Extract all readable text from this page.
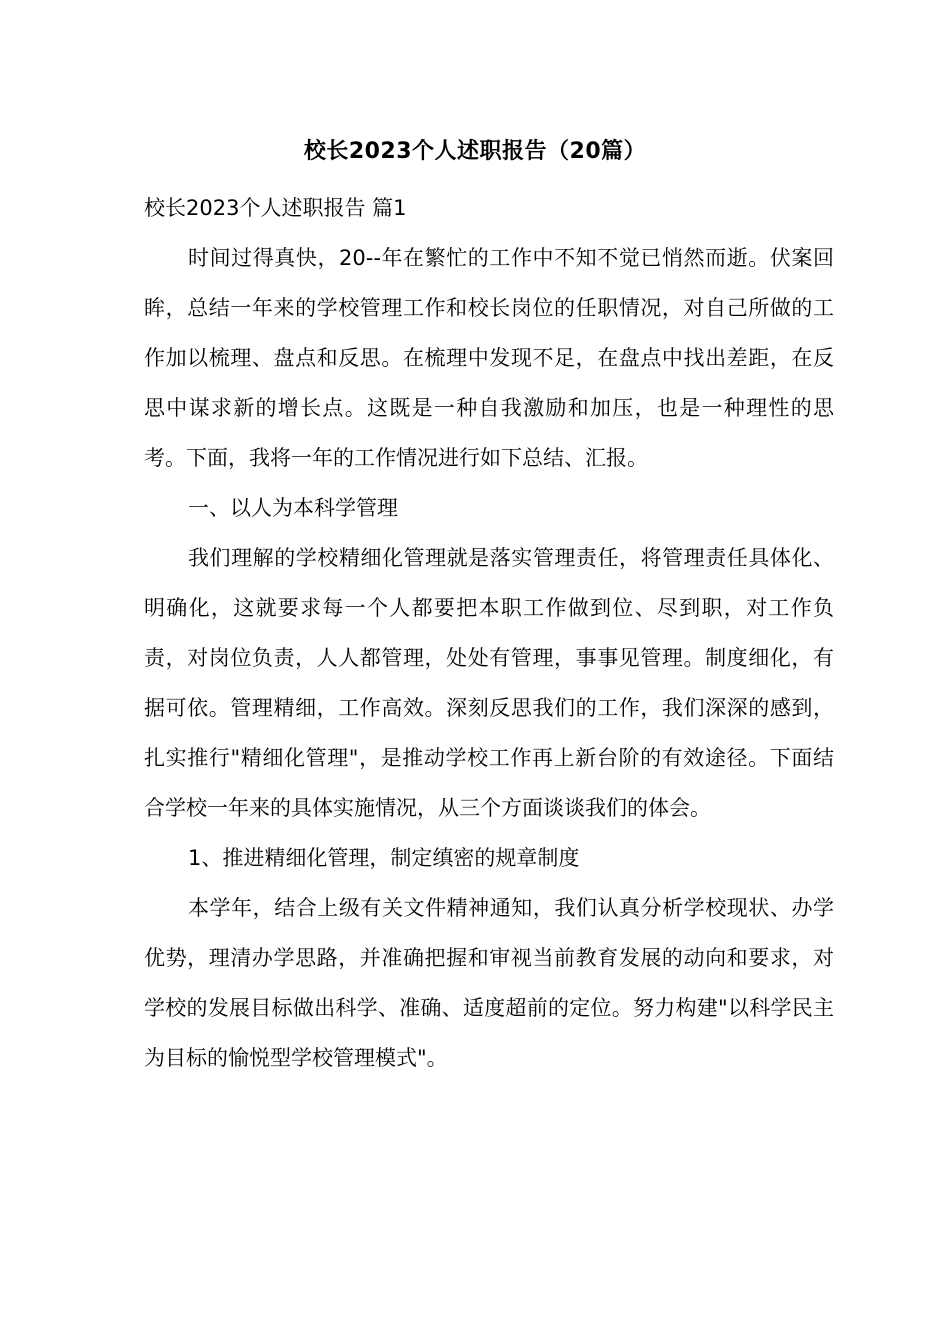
校长2023个人述职报告（20篇）

校长2023个人述职报告 篇1

时间过得真快，20--年在繁忙的工作中不知不觉已悄然而逝。伏案回眸，总结一年来的学校管理工作和校长岗位的任职情况，对自己所做的工作加以梳理、盘点和反思。在梳理中发现不足，在盘点中找出差距，在反思中谋求新的增长点。这既是一种自我激励和加压，也是一种理性的思考。下面，我将一年的工作情况进行如下总结、汇报。

一、以人为本科学管理

我们理解的学校精细化管理就是落实管理责任，将管理责任具体化、明确化，这就要求每一个人都要把本职工作做到位、尽到职，对工作负责，对岗位负责，人人都管理，处处有管理，事事见管理。制度细化，有据可依。管理精细，工作高效。深刻反思我们的工作，我们深深的感到，扎实推行"精细化管理"，是推动学校工作再上新台阶的有效途径。下面结合学校一年来的具体实施情况，从三个方面谈谈我们的体会。

1、推进精细化管理，制定缜密的规章制度

本学年，结合上级有关文件精神通知，我们认真分析学校现状、办学优势，理清办学思路，并准确把握和审视当前教育发展的动向和要求，对学校的发展目标做出科学、准确、适度超前的定位。努力构建"以科学民主为目标的愉悦型学校管理模式"。
